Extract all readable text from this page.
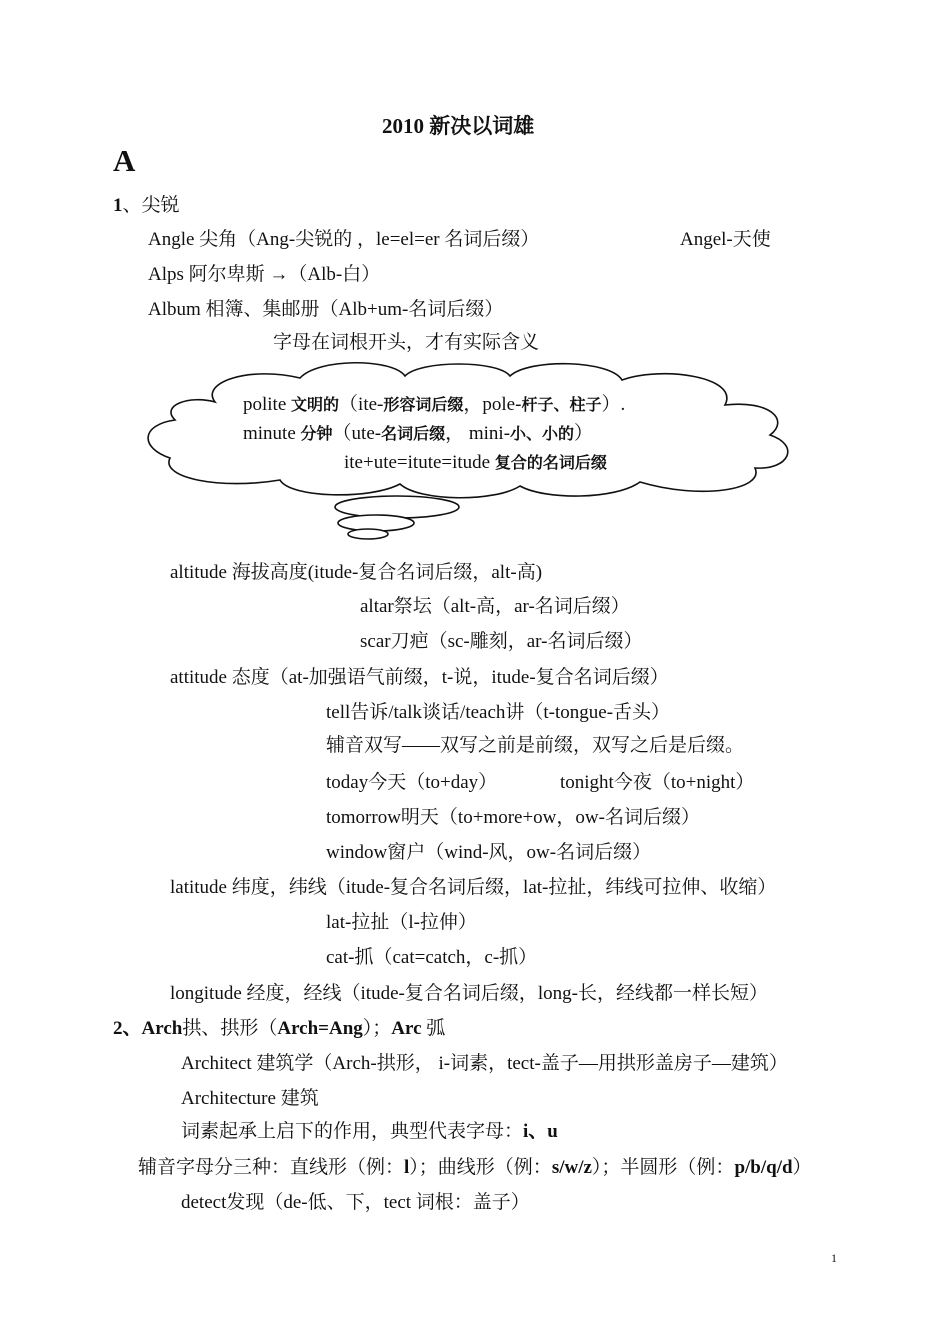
2010 新决以词雄
A
1、尖锐
Angle 尖角（Ang-尖锐的 ，le=el=er 名词后缀）	Angel-天使
Alps 阿尔卑斯 →（Alb-白）
Album 相簿、集邮册（Alb+um-名词后缀）
字母在词根开头，才有实际含义
polite 文明的（ite-形容词后缀，pole-杆子、柱子）.
minute 分钟（ute-名词后缀， mini-小、小的）
ite+ute=itute=itude 复合的名词后缀
altitude 海拔高度(itude-复合名词后缀，alt-高)
altar祭坛（alt-高，ar-名词后缀）
scar刀疤（sc-雕刻，ar-名词后缀）
attitude 态度（at-加强语气前缀，t-说，itude-复合名词后缀）
tell告诉/talk谈话/teach讲（t-tongue-舌头）
辅音双写——双写之前是前缀，双写之后是后缀。
today今天（to+day）	tonight今夜（to+night）
tomorrow明天（to+more+ow，ow-名词后缀）
window窗户（wind-风，ow-名词后缀）
latitude 纬度，纬线（itude-复合名词后缀，lat-拉扯，纬线可拉伸、收缩）
lat-拉扯（l-拉伸）
cat-抓（cat=catch，c-抓）
longitude 经度，经线（itude-复合名词后缀，long-长，经线都一样长短）
2、Arch拱、拱形（Arch=Ang）；Arc 弧
Architect 建筑学（Arch-拱形， i-词素，tect-盖子—用拱形盖房子—建筑）
Architecture 建筑
词素起承上启下的作用，典型代表字母：i、u
辅音字母分三种：直线形（例：l）；曲线形（例：s/w/z）；半圆形（例：p/b/q/d）
detect发现（de-低、下，tect 词根：盖子）
1
